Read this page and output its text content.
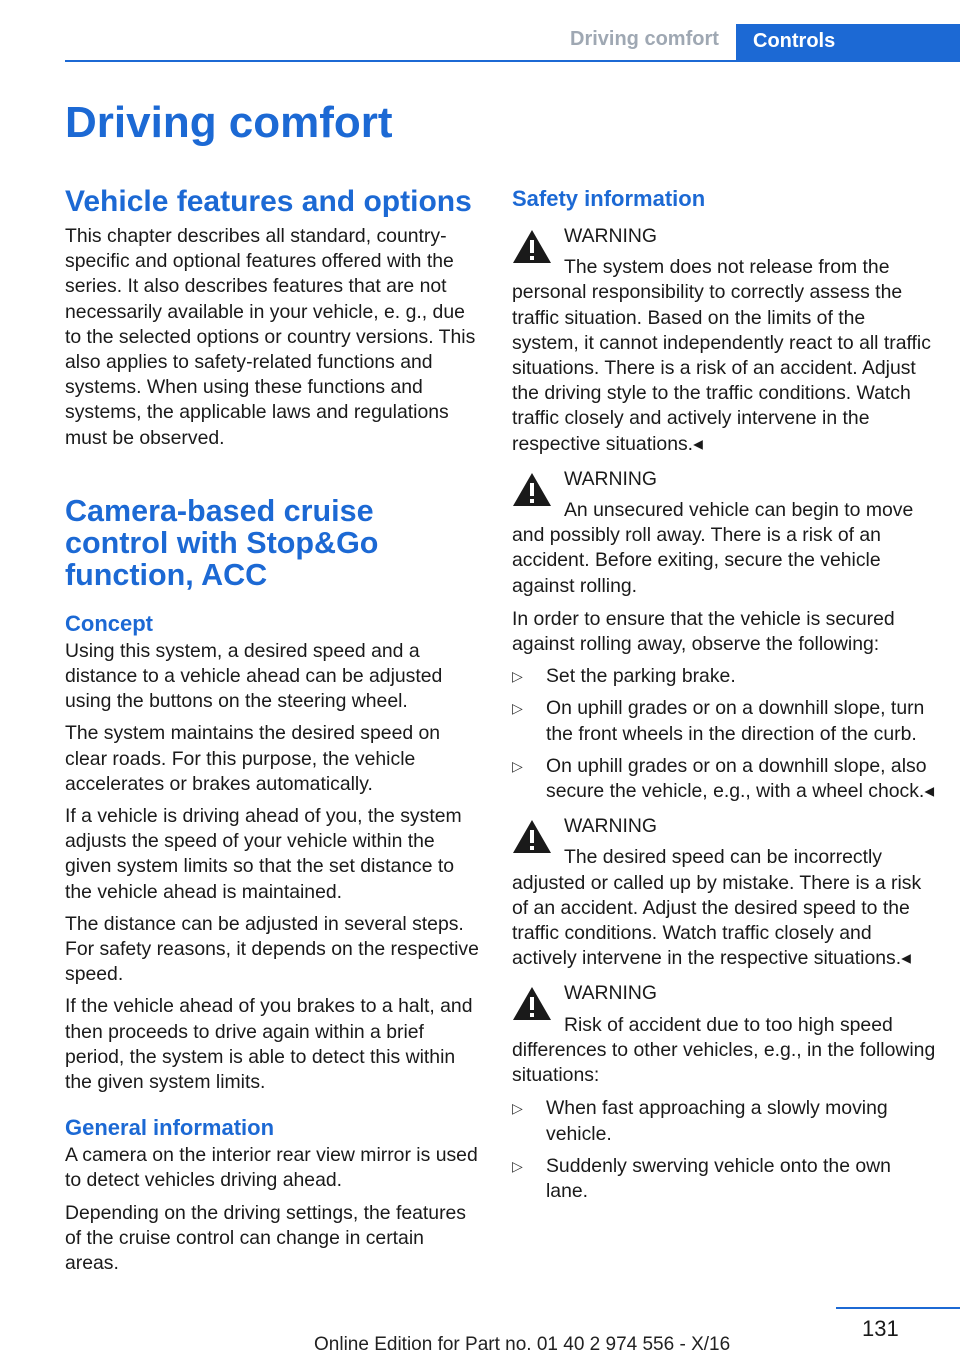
Driving comfort Controls
Driving comfort
Vehicle features and options

This chapter describes all standard, country-specific and optional features offered with the series. It also describes features that are not necessarily available in your vehicle, e. g., due to the selected options or country versions. This also applies to safety-related functions and systems. When using these functions and systems, the applicable laws and regulations must be observed.

Camera-based cruise control with Stop&Go function, ACC
Concept

Using this system, a desired speed and a distance to a vehicle ahead can be adjusted using the buttons on the steering wheel.

The system maintains the desired speed on clear roads. For this purpose, the vehicle accelerates or brakes automatically.

If a vehicle is driving ahead of you, the system adjusts the speed of your vehicle within the given system limits so that the set distance to the vehicle ahead is maintained.

The distance can be adjusted in several steps. For safety reasons, it depends on the respective speed.

If the vehicle ahead of you brakes to a halt, and then proceeds to drive again within a brief period, the system is able to detect this within the given system limits.

General information

A camera on the interior rear view mirror is used to detect vehicles driving ahead.

Depending on the driving settings, the features of the cruise control can change in certain areas.

Safety information
WARNING

The system does not release from the personal responsibility to correctly assess the traffic situation. Based on the limits of the system, it cannot independently react to all traffic situations. There is a risk of an accident. Adjust the driving style to the traffic conditions. Watch traffic closely and actively intervene in the respective situations.◂

WARNING

An unsecured vehicle can begin to move and possibly roll away. There is a risk of an accident. Before exiting, secure the vehicle against rolling.

In order to ensure that the vehicle is secured against rolling away, observe the following:

▷ Set the parking brake.
▷ On uphill grades or on a downhill slope, turn the front wheels in the direction of the curb.
▷ On uphill grades or on a downhill slope, also secure the vehicle, e.g., with a wheel chock.◂
WARNING

The desired speed can be incorrectly adjusted or called up by mistake. There is a risk of an accident. Adjust the desired speed to the traffic conditions. Watch traffic closely and actively intervene in the respective situations.◂

WARNING

Risk of accident due to too high speed differences to other vehicles, e.g., in the following situations:

▷ When fast approaching a slowly moving vehicle.
▷ Suddenly swerving vehicle onto the own lane.
131
Online Edition for Part no. 01 40 2 974 556 - X/16
